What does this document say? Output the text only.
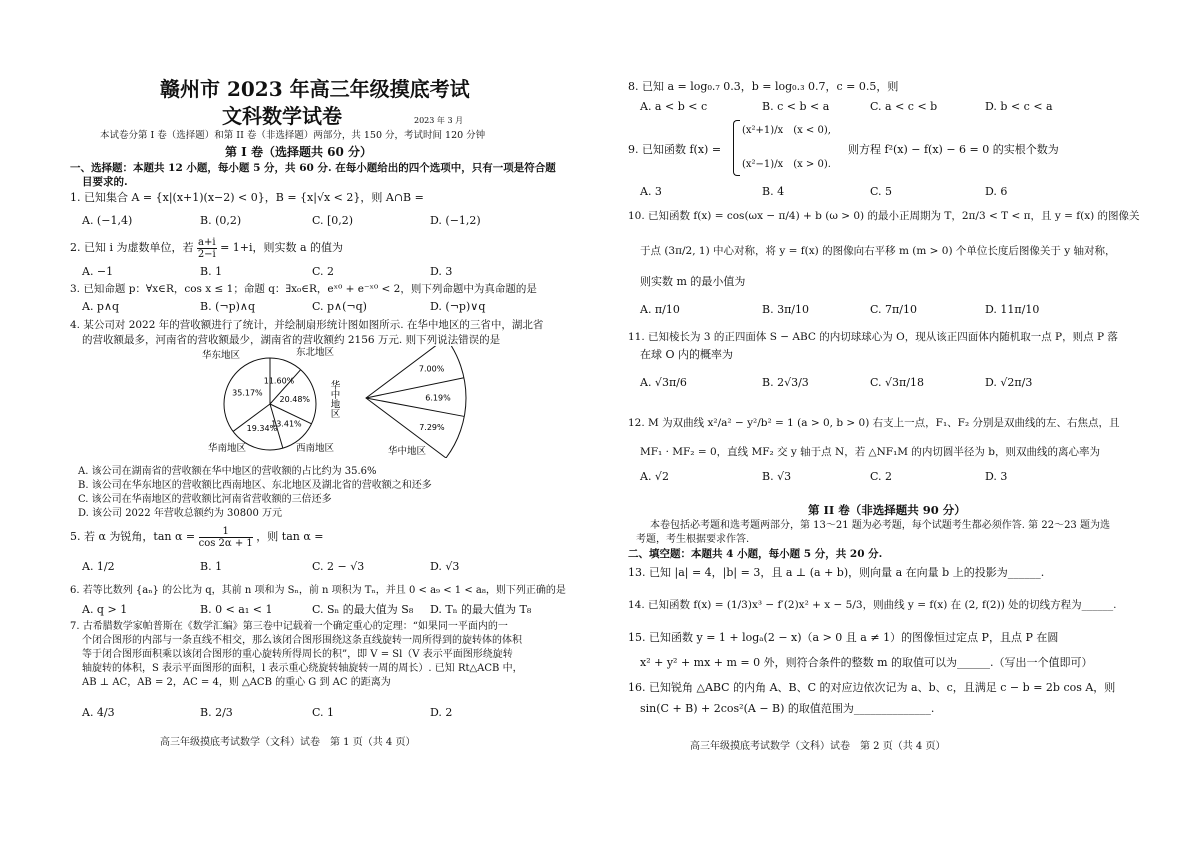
赣州市 2023 年高三年级摸底考试
文科数学试卷	2023 年 3 月
本试卷分第 I 卷（选择题）和第 II 卷（非选择题）两部分，共 150 分，考试时间 120 分钟
第 I 卷（选择题共 60 分）
一、选择题：本题共 12 小题，每小题 5 分，共 60 分. 在每小题给出的四个选项中，只有一项是符合题
目要求的.
1. 已知集合 A = {x|(x+1)(x−2) < 0}，B = {x|√x < 2}，则 A∩B =
A. (−1,4)	B. (0,2)	C. [0,2)	D. (−1,2)
2. 已知 i 为虚数单位，若 $\frac{a+i}{2-i} = 1+i$，则实数 a 的值为
A. −1	B. 1	C. 2	D. 3
3. 已知命题 p：∀x∈R，cos x ≤ 1；命题 q：∃x₀∈R，eˣ⁰ + e⁻ˣ⁰ < 2，则下列命题中为真命题的是
A. p∧q	B. (¬p)∧q	C. p∧(¬q)	D. (¬p)∨q
4. 某公司对 2022 年的营收额进行了统计，并绘制扇形统计图如图所示. 在华中地区的三省中，湖北省
的营收额最多，河南省的营收额最少，湖南省的营收额约 2156 万元. 则下列说法错误的是
35.17%
11.60%
20.48%
13.41%
19.34%
7.00%
6.19%
7.29%
华东地区	东北地区
华南地区	西南地区
华中地区
华中地区
A. 该公司在湖南省的营收额在华中地区的营收额的占比约为 35.6%
B. 该公司在华东地区的营收额比西南地区、东北地区及湖北省的营收额之和还多
C. 该公司在华南地区的营收额比河南省营收额的三倍还多
D. 该公司 2022 年营收总额约为 30800 万元
5. 若 α 为锐角，$\tan \alpha = \frac{1}{\cos 2\alpha + 1}$ ，则 tan α =
A. 1/2	B. 1	C. 2 − √3	D. √3
6. 若等比数列 {aₙ} 的公比为 q，其前 n 项和为 Sₙ，前 n 项积为 Tₙ，并且 0 < a₉ < 1 < a₈，则下列正确的是
A. q > 1	B. 0 < a₁ < 1	C. Sₙ 的最大值为 S₈ D. Tₙ 的最大值为 T₈
7. 古希腊数学家帕普斯在《数学汇编》第三卷中记载着一个确定重心的定理：“如果同一平面内的一
个闭合图形的内部与一条直线不相交，那么该闭合图形围绕这条直线旋转一周所得到的旋转体的体积
等于闭合图形面积乘以该闭合图形的重心旋转所得周长的积”，即 V = Sl（V 表示平面图形绕旋转
轴旋转的体积，S 表示平面图形的面积，l 表示重心绕旋转轴旋转一周的周长）. 已知 Rt△ACB 中，
AB ⊥ AC，AB = 2，AC = 4，则 △ACB 的重心 G 到 AC 的距离为
A. 4/3	B. 2/3	C. 1	D. 2
高三年级摸底考试数学（文科）试卷　第 1 页（共 4 页）
8. 已知 a = log₀.₇ 0.3，b = log₀.₃ 0.7，c = 0.5，则
A. a < b < c	B. c < b < a	C. a < c < b	D. b < c < a
9. 已知函数 f(x) =
(x²+1)/x　(x < 0),
(x²−1)/x　(x > 0).
则方程 f²(x) − f(x) − 6 = 0 的实根个数为
A. 3	B. 4	C. 5	D. 6
10. 已知函数 f(x) = cos(ωx − π/4) + b (ω > 0) 的最小正周期为 T，2π/3 < T < π，且 y = f(x) 的图像关
于点 (3π/2, 1) 中心对称，将 y = f(x) 的图像向右平移 m (m > 0) 个单位长度后图像关于 y 轴对称，
则实数 m 的最小值为
A. π/10	B. 3π/10	C. 7π/10	D. 11π/10
11. 已知棱长为 3 的正四面体 S − ABC 的内切球球心为 O，现从该正四面体内随机取一点 P，则点 P 落
在球 O 内的概率为
A. √3π/6	B. 2√3/3	C. √3π/18	D. √2π/3
12. M 为双曲线 x²/a² − y²/b² = 1 (a > 0, b > 0) 右支上一点，F₁、F₂ 分别是双曲线的左、右焦点，且
MF₁ · MF₂ = 0，直线 MF₂ 交 y 轴于点 N，若 △NF₁M 的内切圆半径为 b，则双曲线的离心率为
A. √2	B. √3	C. 2	D. 3
第 II 卷（非选择题共 90 分）
本卷包括必考题和选考题两部分，第 13～21 题为必考题，每个试题考生都必须作答. 第 22～23 题为选
考题，考生根据要求作答.
二、填空题：本题共 4 小题，每小题 5 分，共 20 分.
13. 已知 |a| = 4，|b| = 3，且 a ⊥ (a + b)，则向量 a 在向量 b 上的投影为______.
14. 已知函数 f(x) = (1/3)x³ − f′(2)x² + x − 5/3，则曲线 y = f(x) 在 (2, f(2)) 处的切线方程为______.
15. 已知函数 y = 1 + logₐ(2 − x)（a > 0 且 a ≠ 1）的图像恒过定点 P，且点 P 在圆
x² + y² + mx + m = 0 外，则符合条件的整数 m 的取值可以为______.（写出一个值即可）
16. 已知锐角 △ABC 的内角 A、B、C 的对应边依次记为 a、b、c，且满足 c − b = 2b cos A，则
sin(C + B) + 2cos²(A − B) 的取值范围为______________.
高三年级摸底考试数学（文科）试卷　第 2 页（共 4 页）
